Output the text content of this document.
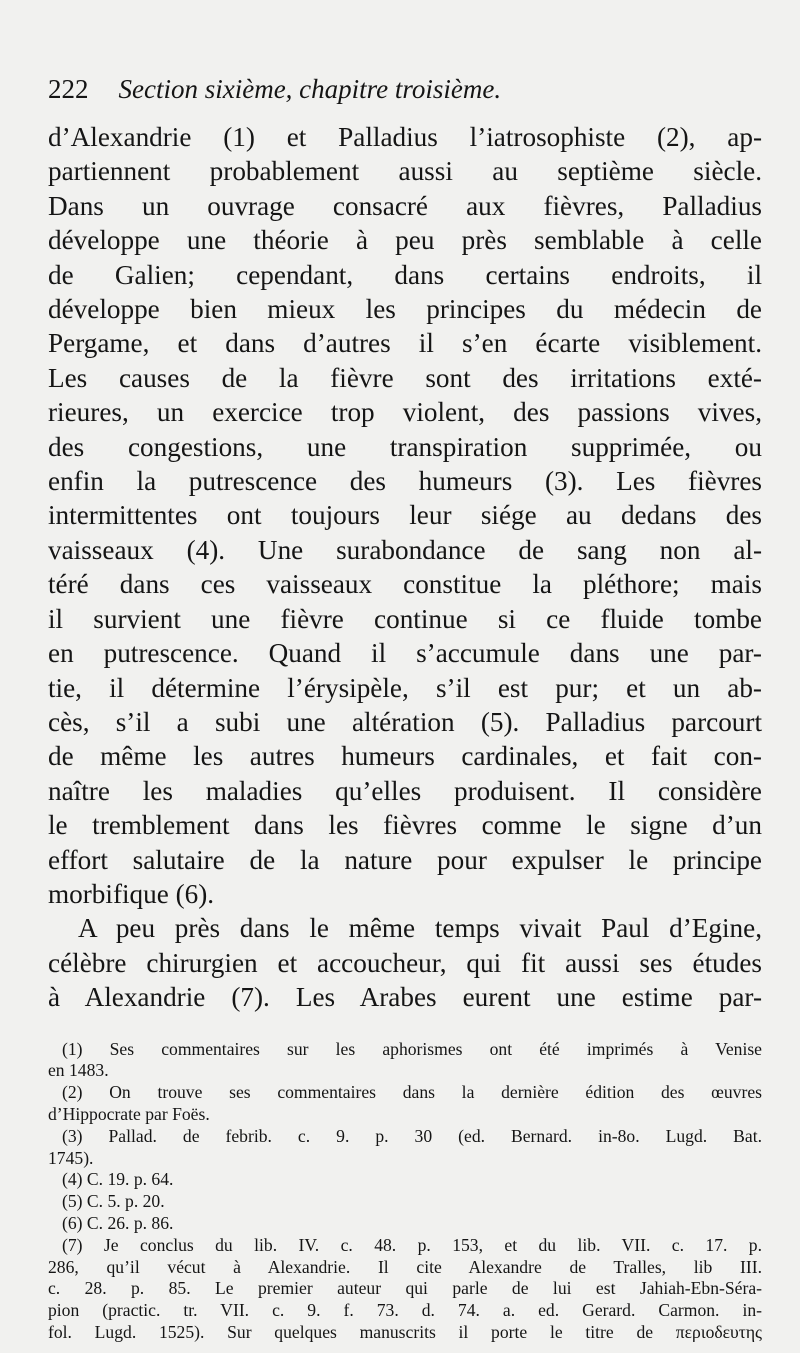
222 Section sixième, chapitre troisième.
d’Alexandrie (1) et Palladius l’iatrosophiste (2), ap-
partiennent probablement aussi au septième siècle.
Dans un ouvrage consacré aux fièvres, Palladius
développe une théorie à peu près semblable à celle
de Galien; cependant, dans certains endroits, il
développe bien mieux les principes du médecin de
Pergame, et dans d’autres il s’en écarte visiblement.
Les causes de la fièvre sont des irritations exté-
rieures, un exercice trop violent, des passions vives,
des congestions, une transpiration supprimée, ou
enfin la putrescence des humeurs (3). Les fièvres
intermittentes ont toujours leur siége au dedans des
vaisseaux (4). Une surabondance de sang non al-
téré dans ces vaisseaux constitue la pléthore; mais
il survient une fièvre continue si ce fluide tombe
en putrescence. Quand il s’accumule dans une par-
tie, il détermine l’érysipèle, s’il est pur; et un ab-
cès, s’il a subi une altération (5). Palladius parcourt
de même les autres humeurs cardinales, et fait con-
naître les maladies qu’elles produisent. Il considère
le tremblement dans les fièvres comme le signe d’un
effort salutaire de la nature pour expulser le principe
morbifique (6).
A peu près dans le même temps vivait Paul d’Egine,
célèbre chirurgien et accoucheur, qui fit aussi ses études
à Alexandrie (7). Les Arabes eurent une estime par-
(1) Ses commentaires sur les aphorismes ont été imprimés à Venise
en 1483.
(2) On trouve ses commentaires dans la dernière édition des œuvres
d’Hippocrate par Foës.
(3) Pallad. de febrib. c. 9. p. 30 (ed. Bernard. in-8o. Lugd. Bat.
1745).
(4) C. 19. p. 64.
(5) C. 5. p. 20.
(6) C. 26. p. 86.
(7) Je conclus du lib. IV. c. 48. p. 153, et du lib. VII. c. 17. p.
286, qu’il vécut à Alexandrie. Il cite Alexandre de Tralles, lib III.
c. 28. p. 85. Le premier auteur qui parle de lui est Jahiah-Ebn-Séra-
pion (practic. tr. VII. c. 9. f. 73. d. 74. a. ed. Gerard. Carmon. in-
fol. Lugd. 1525). Sur quelques manuscrits il porte le titre de περιοδευτης
